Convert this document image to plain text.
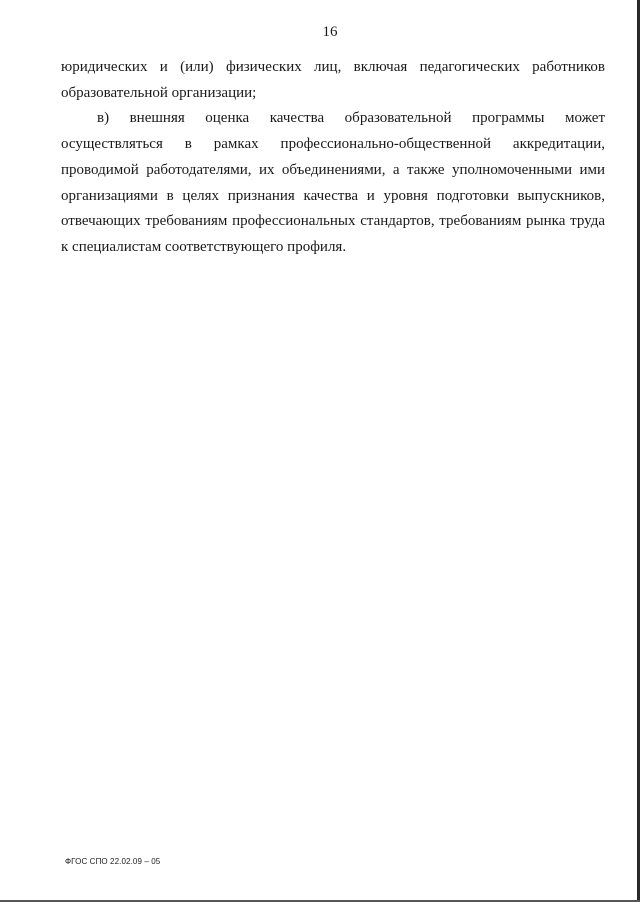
16

юридических и (или) физических лиц, включая педагогических работников образовательной организации;

в) внешняя оценка качества образовательной программы может осуществляться в рамках профессионально-общественной аккредитации, проводимой работодателями, их объединениями, а также уполномоченными ими организациями в целях признания качества и уровня подготовки выпускников, отвечающих требованиям профессиональных стандартов, требованиям рынка труда к специалистам соответствующего профиля.

ФГОС СПО 22.02.09 – 05
